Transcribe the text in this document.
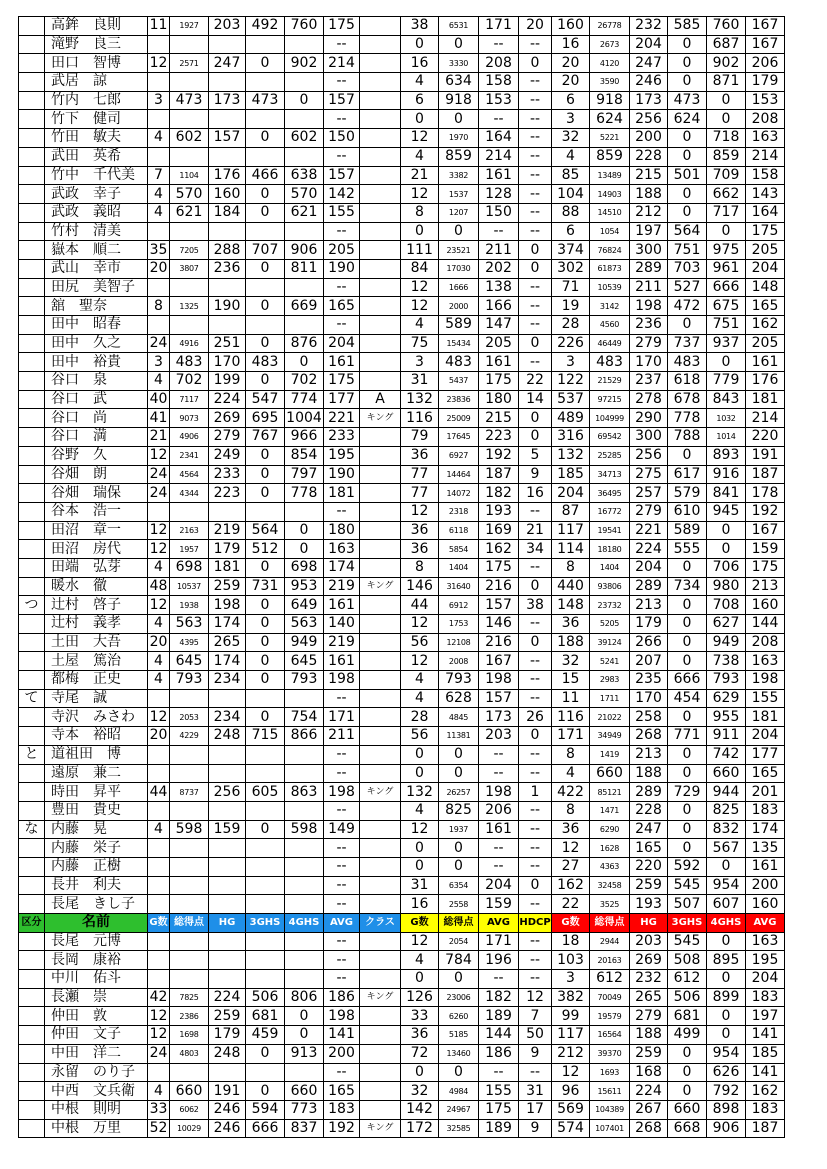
	高鉾　良則	11	1927	203	492	760	175		38	6531	171	20	160	26778	232	585	760	167
	滝野　良三						--		0	0	--	--	16	2673	204	0	687	167
	田口　智博	12	2571	247	0	902	214		16	3330	208	0	20	4120	247	0	902	206
	武居　諒						--		4	634	158	--	20	3590	246	0	871	179
	竹内　七郎	3	473	173	473	0	157		6	918	153	--	6	918	173	473	0	153
	竹下　健司						--		0	0	--	--	3	624	256	624	0	208
	竹田　敏夫	4	602	157	0	602	150		12	1970	164	--	32	5221	200	0	718	163
	武田　英希						--		4	859	214	--	4	859	228	0	859	214
	竹中　千代美	7	1104	176	466	638	157		21	3382	161	--	85	13489	215	501	709	158
	武政　幸子	4	570	160	0	570	142		12	1537	128	--	104	14903	188	0	662	143
	武政　義昭	4	621	184	0	621	155		8	1207	150	--	88	14510	212	0	717	164
	竹村　清美						--		0	0	--	--	6	1054	197	564	0	175
	嶽本　順二	35	7205	288	707	906	205		111	23521	211	0	374	76824	300	751	975	205
	武山　幸市	20	3807	236	0	811	190		84	17030	202	0	302	61873	289	703	961	204
	田尻　美智子						--		12	1666	138	--	71	10539	211	527	666	148
	舘　聖奈	8	1325	190	0	669	165		12	2000	166	--	19	3142	198	472	675	165
	田中　昭春						--		4	589	147	--	28	4560	236	0	751	162
	田中　久之	24	4916	251	0	876	204		75	15434	205	0	226	46449	279	737	937	205
	田中　裕貴	3	483	170	483	0	161		3	483	161	--	3	483	170	483	0	161
	谷口　泉	4	702	199	0	702	175		31	5437	175	22	122	21529	237	618	779	176
	谷口　武	40	7117	224	547	774	177	A	132	23836	180	14	537	97215	278	678	843	181
	谷口　尚	41	9073	269	695	1004	221	キング	116	25009	215	0	489	104999	290	778	1032	214
	谷口　満	21	4906	279	767	966	233		79	17645	223	0	316	69542	300	788	1014	220
	谷野　久	12	2341	249	0	854	195		36	6927	192	5	132	25285	256	0	893	191
	谷畑　朗	24	4564	233	0	797	190		77	14464	187	9	185	34713	275	617	916	187
	谷畑　瑞保	24	4344	223	0	778	181		77	14072	182	16	204	36495	257	579	841	178
	谷本　浩一						--		12	2318	193	--	87	16772	279	610	945	192
	田沼　章一	12	2163	219	564	0	180		36	6118	169	21	117	19541	221	589	0	167
	田沼　房代	12	1957	179	512	0	163		36	5854	162	34	114	18180	224	555	0	159
	田端　弘芽	4	698	181	0	698	174		8	1404	175	--	8	1404	204	0	706	175
	暖水　徹	48	10537	259	731	953	219	キング	146	31640	216	0	440	93806	289	734	980	213
つ	辻村　啓子	12	1938	198	0	649	161		44	6912	157	38	148	23732	213	0	708	160
	辻村　義孝	4	563	174	0	563	140		12	1753	146	--	36	5205	179	0	627	144
	土田　大吾	20	4395	265	0	949	219		56	12108	216	0	188	39124	266	0	949	208
	土屋　篤治	4	645	174	0	645	161		12	2008	167	--	32	5241	207	0	738	163
	都梅　正史	4	793	234	0	793	198		4	793	198	--	15	2983	235	666	793	198
て	寺尾　誠						--		4	628	157	--	11	1711	170	454	629	155
	寺沢　みさわ	12	2053	234	0	754	171		28	4845	173	26	116	21022	258	0	955	181
	寺本　裕昭	20	4229	248	715	866	211		56	11381	203	0	171	34949	268	771	911	204
と	道祖田　博						--		0	0	--	--	8	1419	213	0	742	177
	遠原　兼二						--		0	0	--	--	4	660	188	0	660	165
	時田　昇平	44	8737	256	605	863	198	キング	132	26257	198	1	422	85121	289	729	944	201
	豊田　貴史						--		4	825	206	--	8	1471	228	0	825	183
な	内藤　晃	4	598	159	0	598	149		12	1937	161	--	36	6290	247	0	832	174
	内藤　栄子						--		0	0	--	--	12	1628	165	0	567	135
	内藤　正樹						--		0	0	--	--	27	4363	220	592	0	161
	長井　利夫						--		31	6354	204	0	162	32458	259	545	954	200
	長尾　きし子						--		16	2558	159	--	22	3525	193	507	607	160
区分	名前	G数	総得点	HG	3GHS	4GHS	AVG	クラス	G数	総得点	AVG	HDCP	G数	総得点	HG	3GHS	4GHS	AVG
	長尾　元博						--		12	2054	171	--	18	2944	203	545	0	163
	長岡　康裕						--		4	784	196	--	103	20163	269	508	895	195
	中川　佑斗						--		0	0	--	--	3	612	232	612	0	204
	長瀬　崇	42	7825	224	506	806	186	キング	126	23006	182	12	382	70049	265	506	899	183
	仲田　敦	12	2386	259	681	0	198		33	6260	189	7	99	19579	279	681	0	197
	仲田　文子	12	1698	179	459	0	141		36	5185	144	50	117	16564	188	499	0	141
	中田　洋二	24	4803	248	0	913	200		72	13460	186	9	212	39370	259	0	954	185
	永留　のり子						--		0	0	--	--	12	1693	168	0	626	141
	中西　文兵衛	4	660	191	0	660	165		32	4984	155	31	96	15611	224	0	792	162
	中根　則明	33	6062	246	594	773	183		142	24967	175	17	569	104389	267	660	898	183
	中根　万里	52	10029	246	666	837	192	キング	172	32585	189	9	574	107401	268	668	906	187
